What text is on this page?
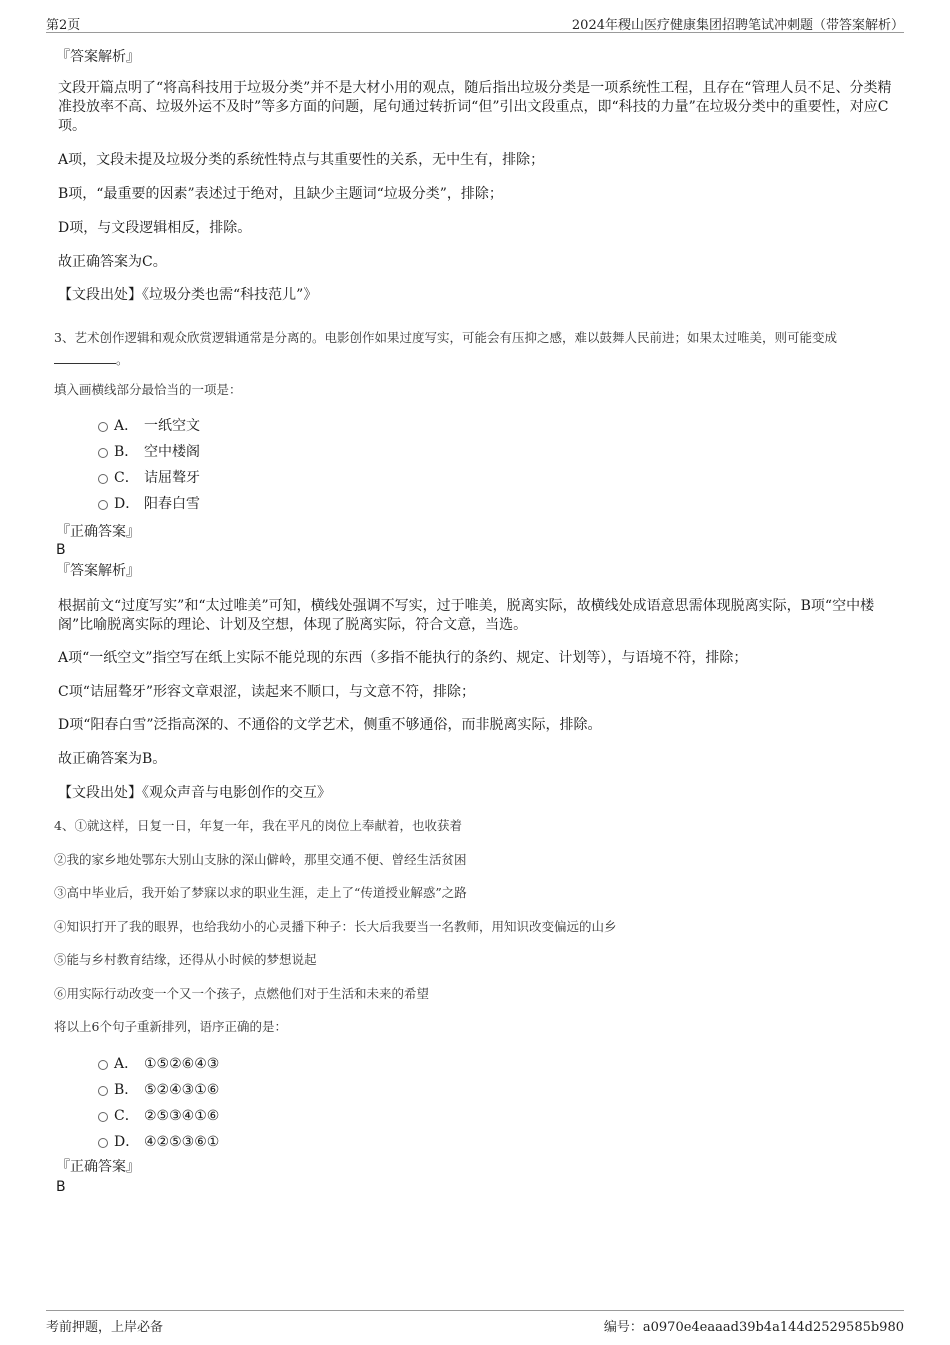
第2页	2024年稷山医疗健康集团招聘笔试冲刺题（带答案解析）

『答案解析』

文段开篇点明了“将高科技用于垃圾分类”并不是大材小用的观点，随后指出垃圾分类是一项系统性工程，且存在“管理人员不足、分类精准投放率不高、垃圾外运不及时”等多方面的问题，尾句通过转折词“但”引出文段重点，即“科技的力量”在垃圾分类中的重要性，对应C项。

A项，文段未提及垃圾分类的系统性特点与其重要性的关系，无中生有，排除；

B项，“最重要的因素”表述过于绝对，且缺少主题词“垃圾分类”，排除；

D项，与文段逻辑相反，排除。

故正确答案为C。

【文段出处】《垃圾分类也需“科技范儿”》

3、艺术创作逻辑和观众欣赏逻辑通常是分离的。电影创作如果过度写实，可能会有压抑之感，难以鼓舞人民前进；如果太过唯美，则可能变成。

填入画横线部分最恰当的一项是：

A． 一纸空文
B． 空中楼阁
C． 诘屈聱牙
D． 阳春白雪

『正确答案』

B

『答案解析』

根据前文“过度写实”和“太过唯美”可知，横线处强调不写实，过于唯美，脱离实际，故横线处成语意思需体现脱离实际，B项“空中楼阁”比喻脱离实际的理论、计划及空想，体现了脱离实际，符合文意，当选。

A项“一纸空文”指空写在纸上实际不能兑现的东西（多指不能执行的条约、规定、计划等），与语境不符，排除；

C项“诘屈聱牙”形容文章艰涩，读起来不顺口，与文意不符，排除；

D项“阳春白雪”泛指高深的、不通俗的文学艺术，侧重不够通俗，而非脱离实际，排除。

故正确答案为B。

【文段出处】《观众声音与电影创作的交互》

4、①就这样，日复一日，年复一年，我在平凡的岗位上奉献着，也收获着

②我的家乡地处鄂东大别山支脉的深山僻岭，那里交通不便、曾经生活贫困

③高中毕业后，我开始了梦寐以求的职业生涯，走上了“传道授业解惑”之路

④知识打开了我的眼界，也给我幼小的心灵播下种子：长大后我要当一名教师，用知识改变偏远的山乡

⑤能与乡村教育结缘，还得从小时候的梦想说起

⑥用实际行动改变一个又一个孩子，点燃他们对于生活和未来的希望

将以上6个句子重新排列，语序正确的是：

A． ①⑤②⑥④③
B． ⑤②④③①⑥
C． ②⑤③④①⑥
D． ④②⑤③⑥①

『正确答案』

B

考前押题，上岸必备	编号：a0970e4eaaad39b4a144d2529585b980
